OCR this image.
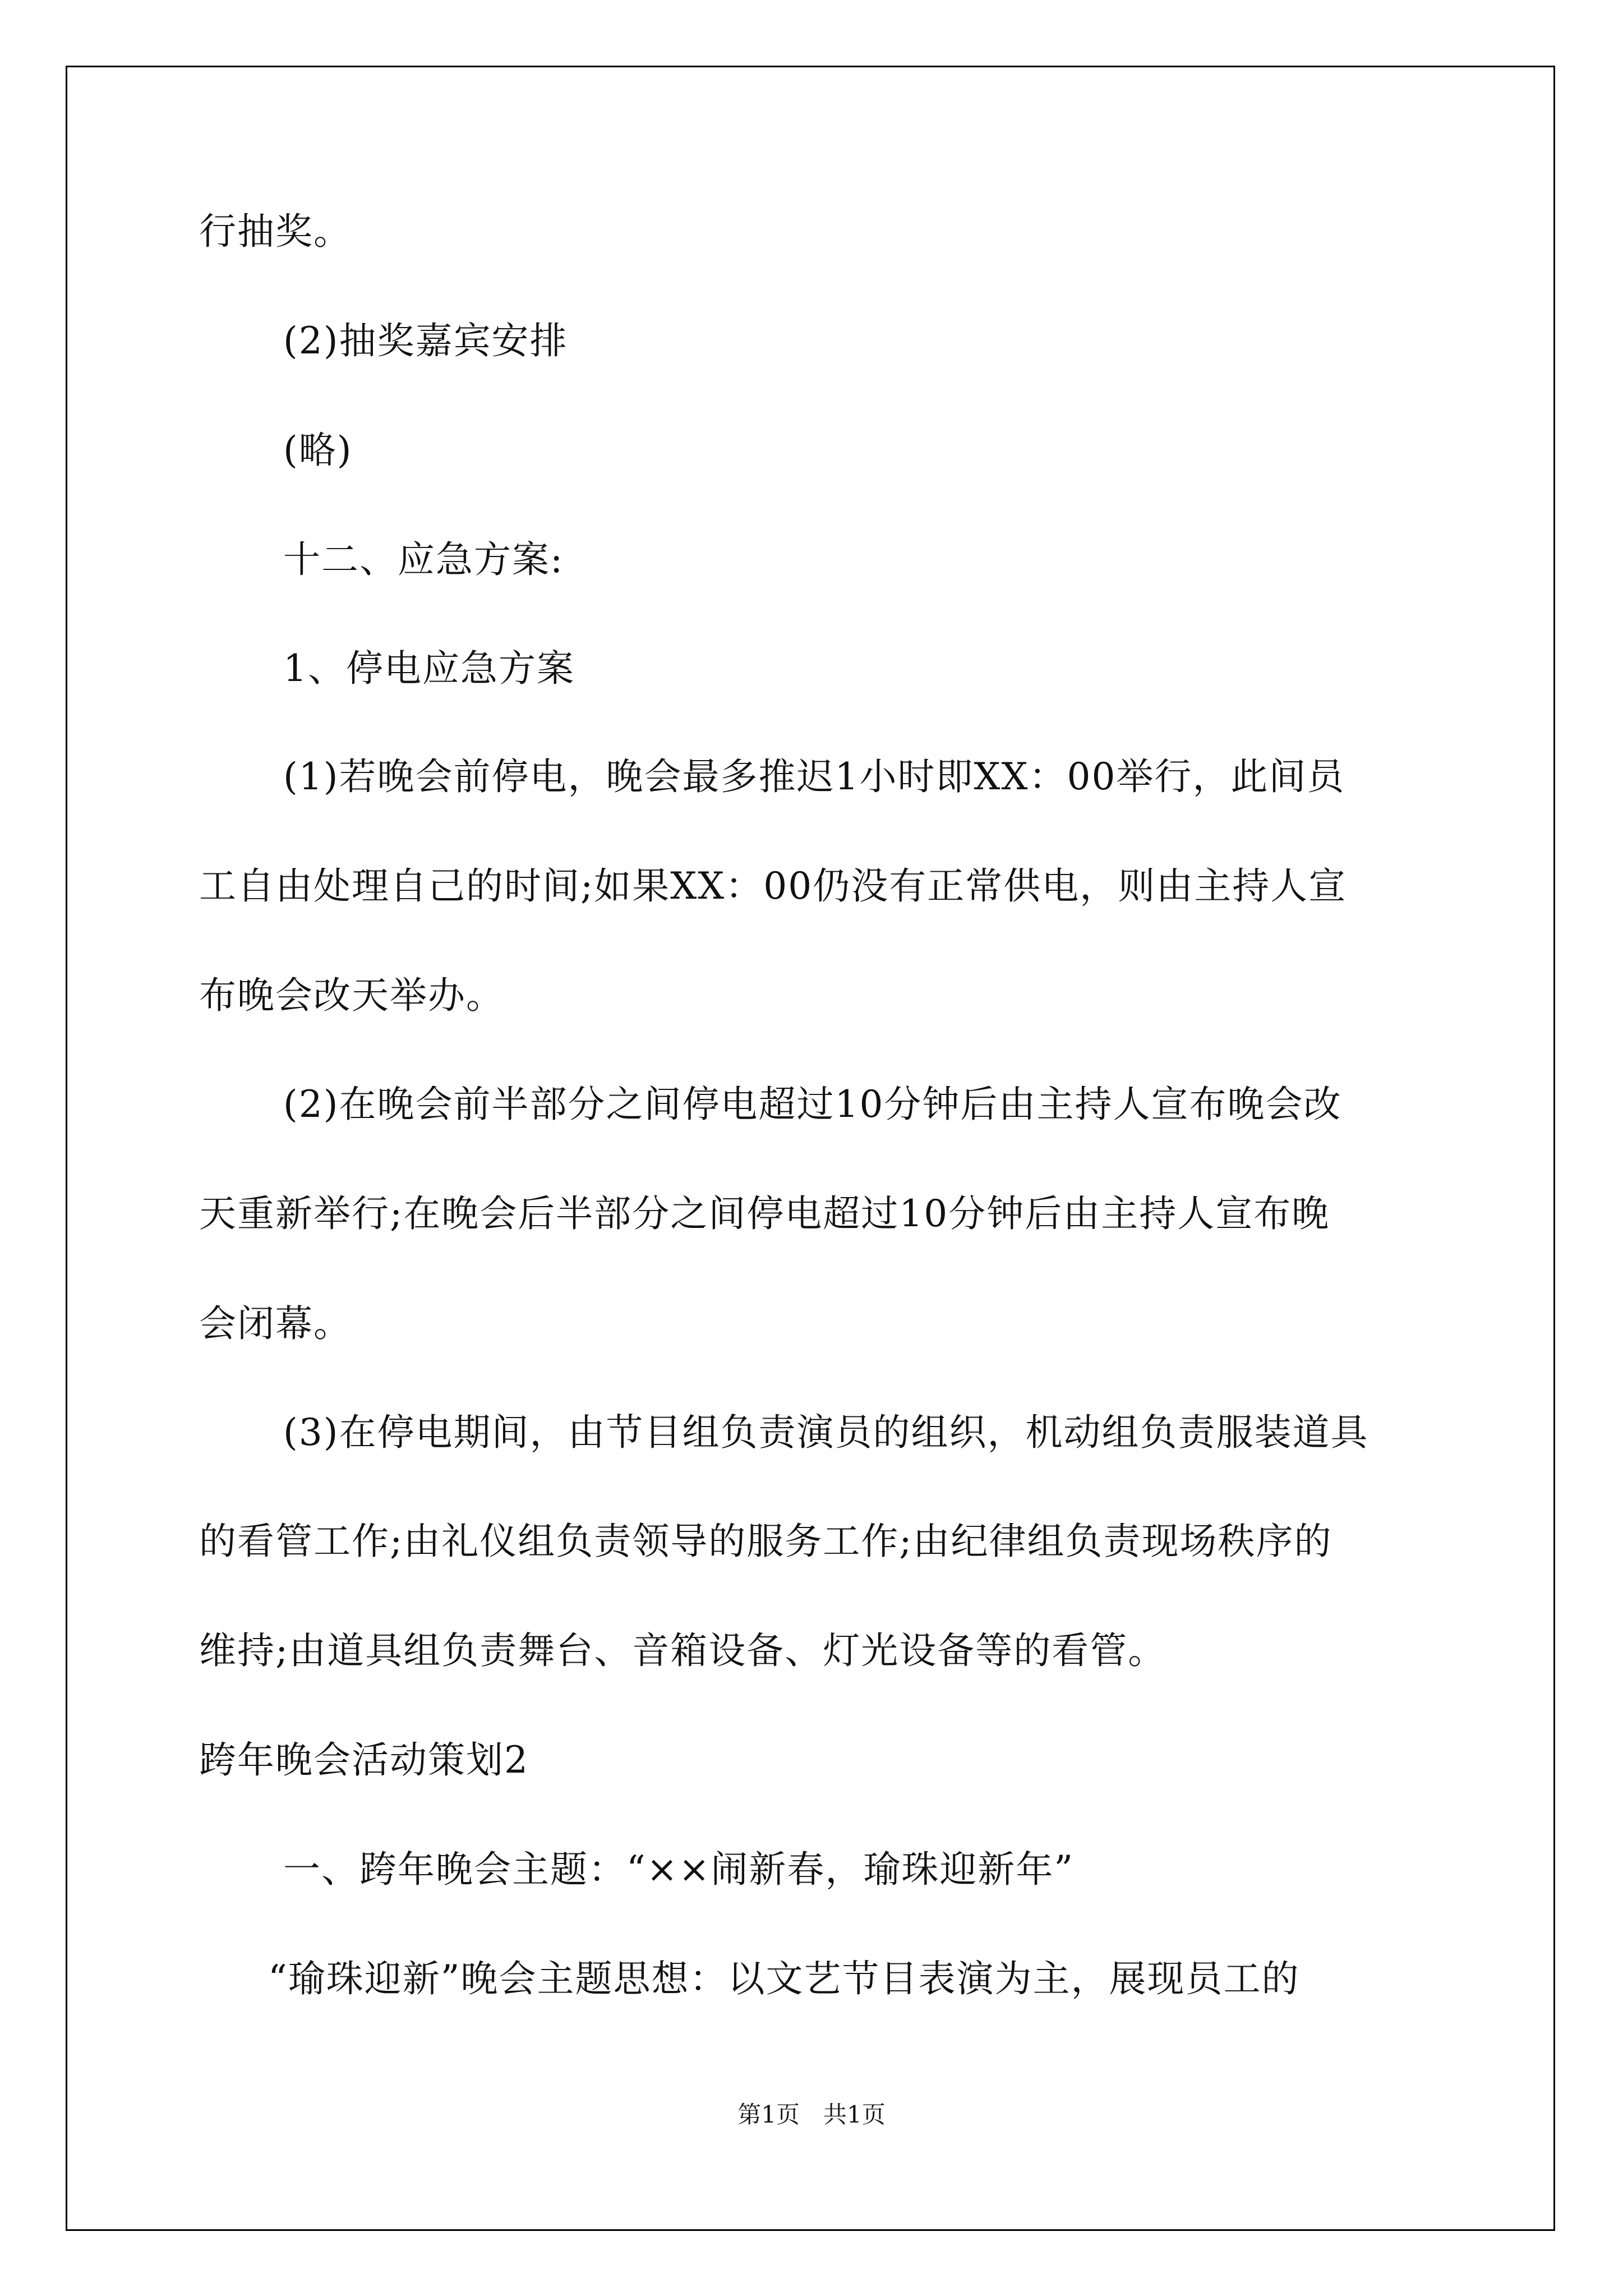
行抽奖。
(2)抽奖嘉宾安排
(略)
十二、应急方案:
1、停电应急方案
(1)若晚会前停电，晚会最多推迟1小时即XX：00举行，此间员
工自由处理自己的时间;如果XX：00仍没有正常供电，则由主持人宣
布晚会改天举办。
(2)在晚会前半部分之间停电超过10分钟后由主持人宣布晚会改
天重新举行;在晚会后半部分之间停电超过10分钟后由主持人宣布晚
会闭幕。
(3)在停电期间，由节目组负责演员的组织，机动组负责服装道具
的看管工作;由礼仪组负责领导的服务工作;由纪律组负责现场秩序的
维持;由道具组负责舞台、音箱设备、灯光设备等的看管。
跨年晚会活动策划2
一、跨年晚会主题：“××闹新春，瑜珠迎新年”
“瑜珠迎新”晚会主题思想：以文艺节目表演为主，展现员工的
第1页　共1页
